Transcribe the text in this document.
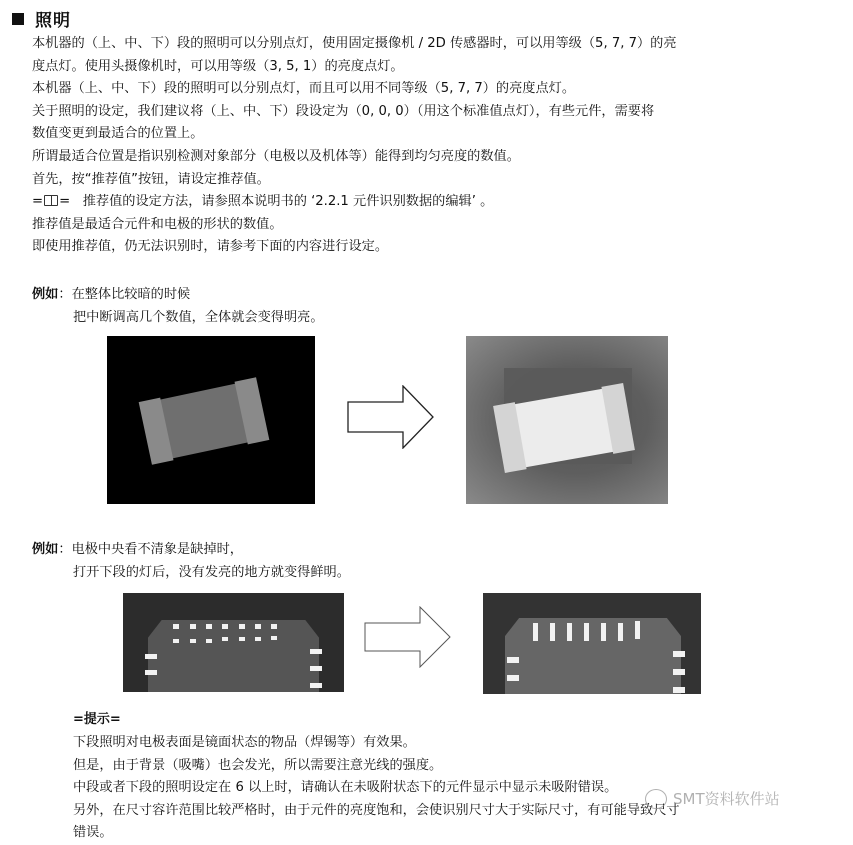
照明
本机器的（上、中、下）段的照明可以分别点灯，使用固定摄像机 / 2D 传感器时，可以用等级（5, 7, 7）的亮
度点灯。使用头摄像机时，可以用等级（3, 5, 1）的亮度点灯。
本机器（上、中、下）段的照明可以分别点灯，而且可以用不同等级（5, 7, 7）的亮度点灯。
关于照明的设定，我们建议将（上、中、下）段设定为（0, 0, 0）（用这个标准值点灯），有些元件，需要将
数值变更到最适合的位置上。
所谓最适合位置是指识别检测对象部分（电极以及机体等）能得到均匀亮度的数值。
首先，按“推荐值”按钮，请设定推荐值。
= = 推荐值的设定方法，请参照本说明书的 ‘2.2.1 元件识别数据的编辑’ 。
推荐值是最适合元件和电极的形状的数值。
即使用推荐值，仍无法识别时，请参考下面的内容进行设定。
例如：在整体比较暗的时候
把中断调高几个数值，全体就会变得明亮。
例如：电极中央看不清象是缺掉时，
打开下段的灯后，没有发亮的地方就变得鲜明。
=提示=
下段照明对电极表面是镜面状态的物品（焊锡等）有效果。
但是，由于背景（吸嘴）也会发光，所以需要注意光线的强度。
中段或者下段的照明设定在 6 以上时，请确认在未吸附状态下的元件显示中显示未吸附错误。
另外，在尺寸容许范围比较严格时，由于元件的亮度饱和，会使识别尺寸大于实际尺寸，有可能导致尺寸
错误。
SMT资料软件站
